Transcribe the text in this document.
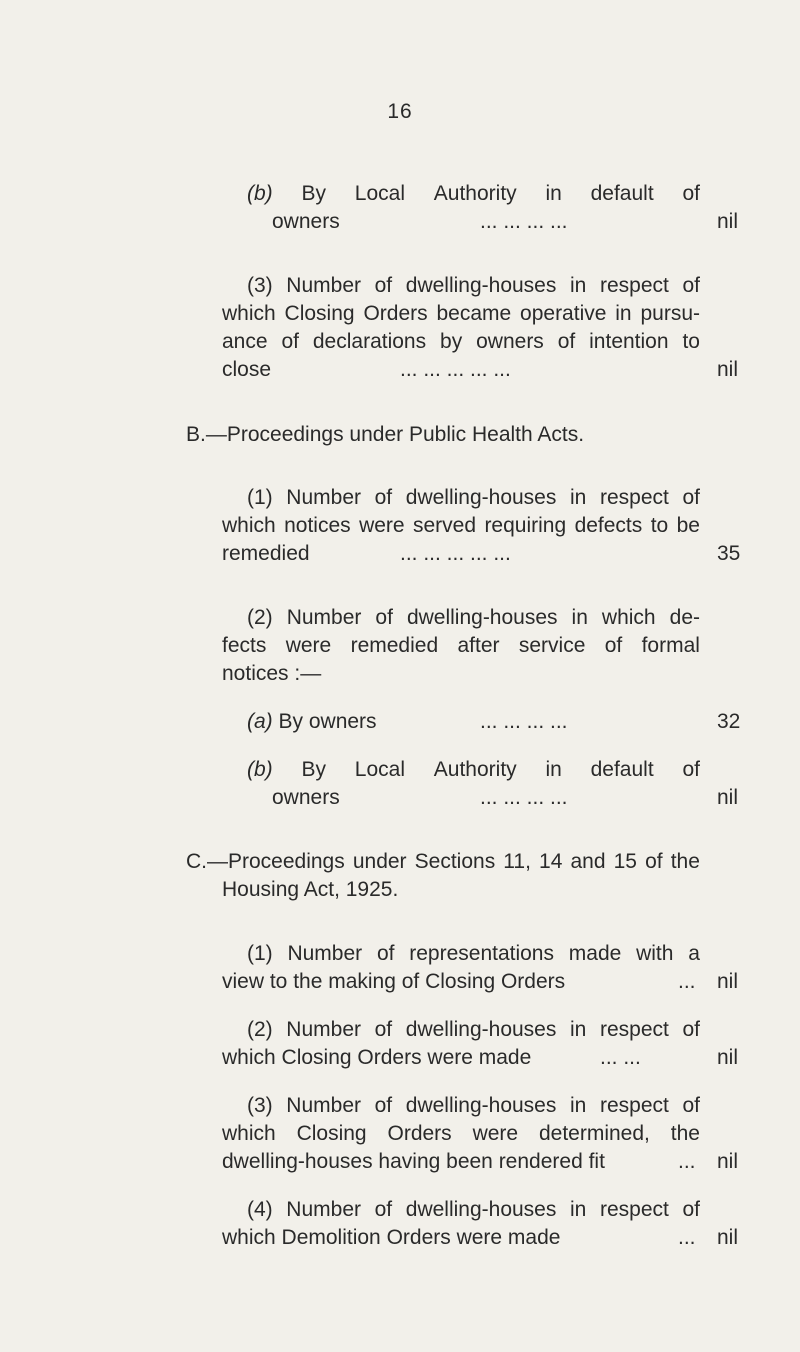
16
(b) By Local Authority in default of
owners	... ... ... ...	nil
(3) Number of dwelling-houses in respect of
which Closing Orders became operative in pursu-
ance of declarations by owners of intention to
close	... ... ... ... ...	nil
B.—Proceedings under Public Health Acts.
(1) Number of dwelling-houses in respect of
which notices were served requiring defects to be
remedied	... ... ... ... ...	35
(2) Number of dwelling-houses in which de-
fects were remedied after service of formal
notices :—
(a) By owners	... ... ... ...	32
(b) By Local Authority in default of
owners	... ... ... ...	nil
C.—Proceedings under Sections 11, 14 and 15 of the
Housing Act, 1925.
(1) Number of representations made with a
view to the making of Closing Orders	...	nil
(2) Number of dwelling-houses in respect of
which Closing Orders were made	... ...	nil
(3) Number of dwelling-houses in respect of
which Closing Orders were determined, the
dwelling-houses having been rendered fit	...	nil
(4) Number of dwelling-houses in respect of
which Demolition Orders were made	...	nil
